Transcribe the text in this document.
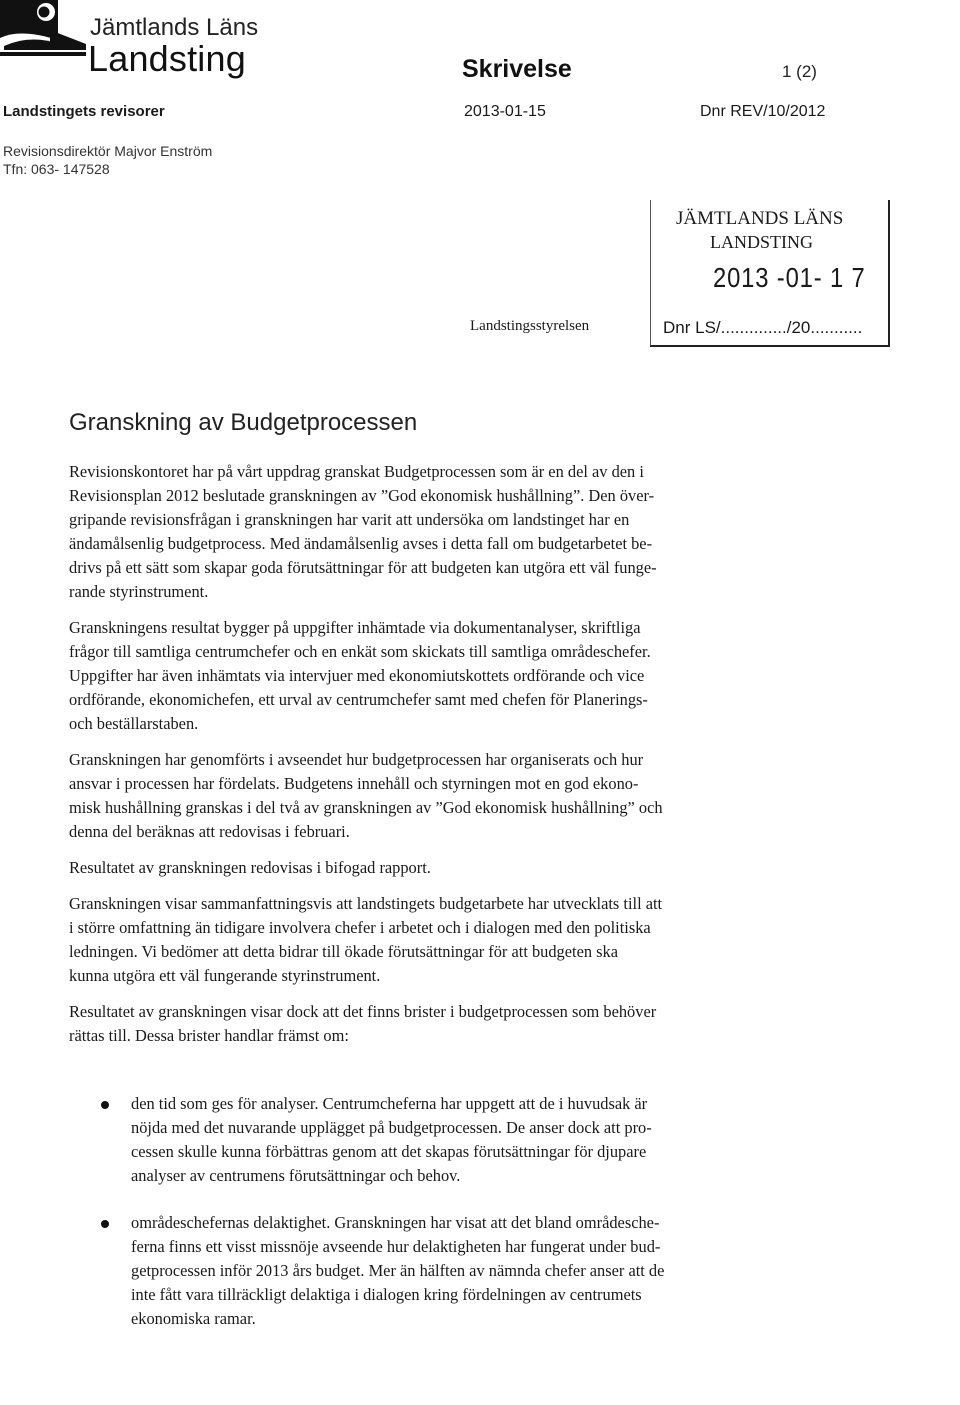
Jämtlands Läns
Landsting	Skrivelse	1 (2)
Landstingets revisorer	2013-01-15	Dnr REV/10/2012
Revisionsdirektör Majvor Enström
Tfn: 063- 147528
JÄMTLANDS LÄNS
LANDSTING
2013 -01- 1 7
Dnr LS/............../20...........
Landstingsstyrelsen
Granskning av Budgetprocessen
Revisionskontoret har på vårt uppdrag granskat Budgetprocessen som är en del av den i
Revisionsplan 2012 beslutade granskningen av ”God ekonomisk hushållning”. Den över-
gripande revisionsfrågan i granskningen har varit att undersöka om landstinget har en
ändamålsenlig budgetprocess. Med ändamålsenlig avses i detta fall om budgetarbetet be-
drivs på ett sätt som skapar goda förutsättningar för att budgeten kan utgöra ett väl funge-
rande styrinstrument.
Granskningens resultat bygger på uppgifter inhämtade via dokumentanalyser, skriftliga
frågor till samtliga centrumchefer och en enkät som skickats till samtliga områdeschefer.
Uppgifter har även inhämtats via intervjuer med ekonomiutskottets ordförande och vice
ordförande, ekonomichefen, ett urval av centrumchefer samt med chefen för Planerings-
och beställarstaben.
Granskningen har genomförts i avseendet hur budgetprocessen har organiserats och hur
ansvar i processen har fördelats. Budgetens innehåll och styrningen mot en god ekono-
misk hushållning granskas i del två av granskningen av ”God ekonomisk hushållning” och
denna del beräknas att redovisas i februari.
Resultatet av granskningen redovisas i bifogad rapport.
Granskningen visar sammanfattningsvis att landstingets budgetarbete har utvecklats till att
i större omfattning än tidigare involvera chefer i arbetet och i dialogen med den politiska
ledningen. Vi bedömer att detta bidrar till ökade förutsättningar för att budgeten ska
kunna utgöra ett väl fungerande styrinstrument.
Resultatet av granskningen visar dock att det finns brister i budgetprocessen som behöver
rättas till. Dessa brister handlar främst om:
den tid som ges för analyser. Centrumcheferna har uppgett att de i huvudsak är
nöjda med det nuvarande upplägget på budgetprocessen. De anser dock att pro-
cessen skulle kunna förbättras genom att det skapas förutsättningar för djupare
analyser av centrumens förutsättningar och behov.
områdeschefernas delaktighet. Granskningen har visat att det bland områdesche-
ferna finns ett visst missnöje avseende hur delaktigheten har fungerat under bud-
getprocessen inför 2013 års budget. Mer än hälften av nämnda chefer anser att de
inte fått vara tillräckligt delaktiga i dialogen kring fördelningen av centrumets
ekonomiska ramar.
